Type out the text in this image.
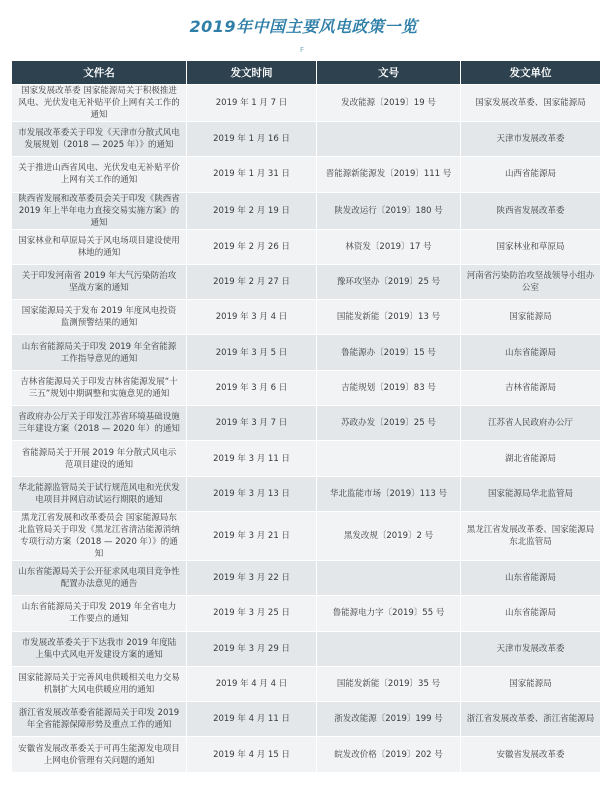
2019年中国主要风电政策一览
F
文件名	发文时间	文号	发文单位
国家发展改革委 国家能源局关于积极推进风电、光伏发电无补贴平价上网有关工作的通知	2019 年 1 月 7 日	发改能源〔2019〕19 号	国家发展改革委、国家能源局
市发展改革委关于印发《天津市分散式风电发展规划（2018 — 2025 年）》的通知	2019 年 1 月 16 日		天津市发展改革委
关于推进山西省风电、光伏发电无补贴平价上网有关工作的通知	2019 年 1 月 31 日	晋能源新能源发〔2019〕111 号	山西省能源局
陕西省发展和改革委员会关于印发《陕西省 2019 年上半年电力直接交易实施方案》的通知	2019 年 2 月 19 日	陕发改运行〔2019〕180 号	陕西省发展改革委
国家林业和草原局关于风电场项目建设使用林地的通知	2019 年 2 月 26 日	林资发〔2019〕17 号	国家林业和草原局
关于印发河南省 2019 年大气污染防治攻坚战方案的通知	2019 年 2 月 27 日	豫环攻坚办〔2019〕25 号	河南省污染防治攻坚战领导小组办公室
国家能源局关于发布 2019 年度风电投资监测预警结果的通知	2019 年 3 月 4 日	国能发新能〔2019〕13 号	国家能源局
山东省能源局关于印发 2019 年全省能源工作指导意见的通知	2019 年 3 月 5 日	鲁能源办〔2019〕15 号	山东省能源局
吉林省能源局关于印发吉林省能源发展“十三五”规划中期调整和实施意见的通知	2019 年 3 月 6 日	吉能规划〔2019〕83 号	吉林省能源局
省政府办公厅关于印发江苏省环境基础设施三年建设方案（2018 — 2020 年）的通知	2019 年 3 月 7 日	苏政办发〔2019〕25 号	江苏省人民政府办公厅
省能源局关于开展 2019 年分散式风电示范项目建设的通知	2019 年 3 月 11 日		湖北省能源局
华北能源监管局关于试行规范风电和光伏发电项目并网启动试运行期限的通知	2019 年 3 月 13 日	华北监能市场〔2019〕113 号	国家能源局华北监管局
黑龙江省发展和改革委员会 国家能源局东北监管局关于印发《黑龙江省清洁能源消纳专项行动方案（2018 — 2020 年）》的通知	2019 年 3 月 21 日	黑发改规〔2019〕2 号	黑龙江省发展改革委、国家能源局东北监管局
山东省能源局关于公开征求风电项目竞争性配置办法意见的通告	2019 年 3 月 22 日		山东省能源局
山东省能源局关于印发 2019 年全省电力工作要点的通知	2019 年 3 月 25 日	鲁能源电力字〔2019〕55 号	山东省能源局
市发展改革委关于下达我市 2019 年度陆上集中式风电开发建设方案的通知	2019 年 3 月 29 日		天津市发展改革委
国家能源局关于完善风电供暖相关电力交易机制扩大风电供暖应用的通知	2019 年 4 月 4 日	国能发新能〔2019〕35 号	国家能源局
浙江省发展改革委省能源局关于印发 2019 年全省能源保障形势及重点工作的通知	2019 年 4 月 11 日	浙发改能源〔2019〕199 号	浙江省发展改革委、浙江省能源局
安徽省发展改革委关于可再生能源发电项目上网电价管理有关问题的通知	2019 年 4 月 15 日	皖发改价格〔2019〕202 号	安徽省发展改革委
